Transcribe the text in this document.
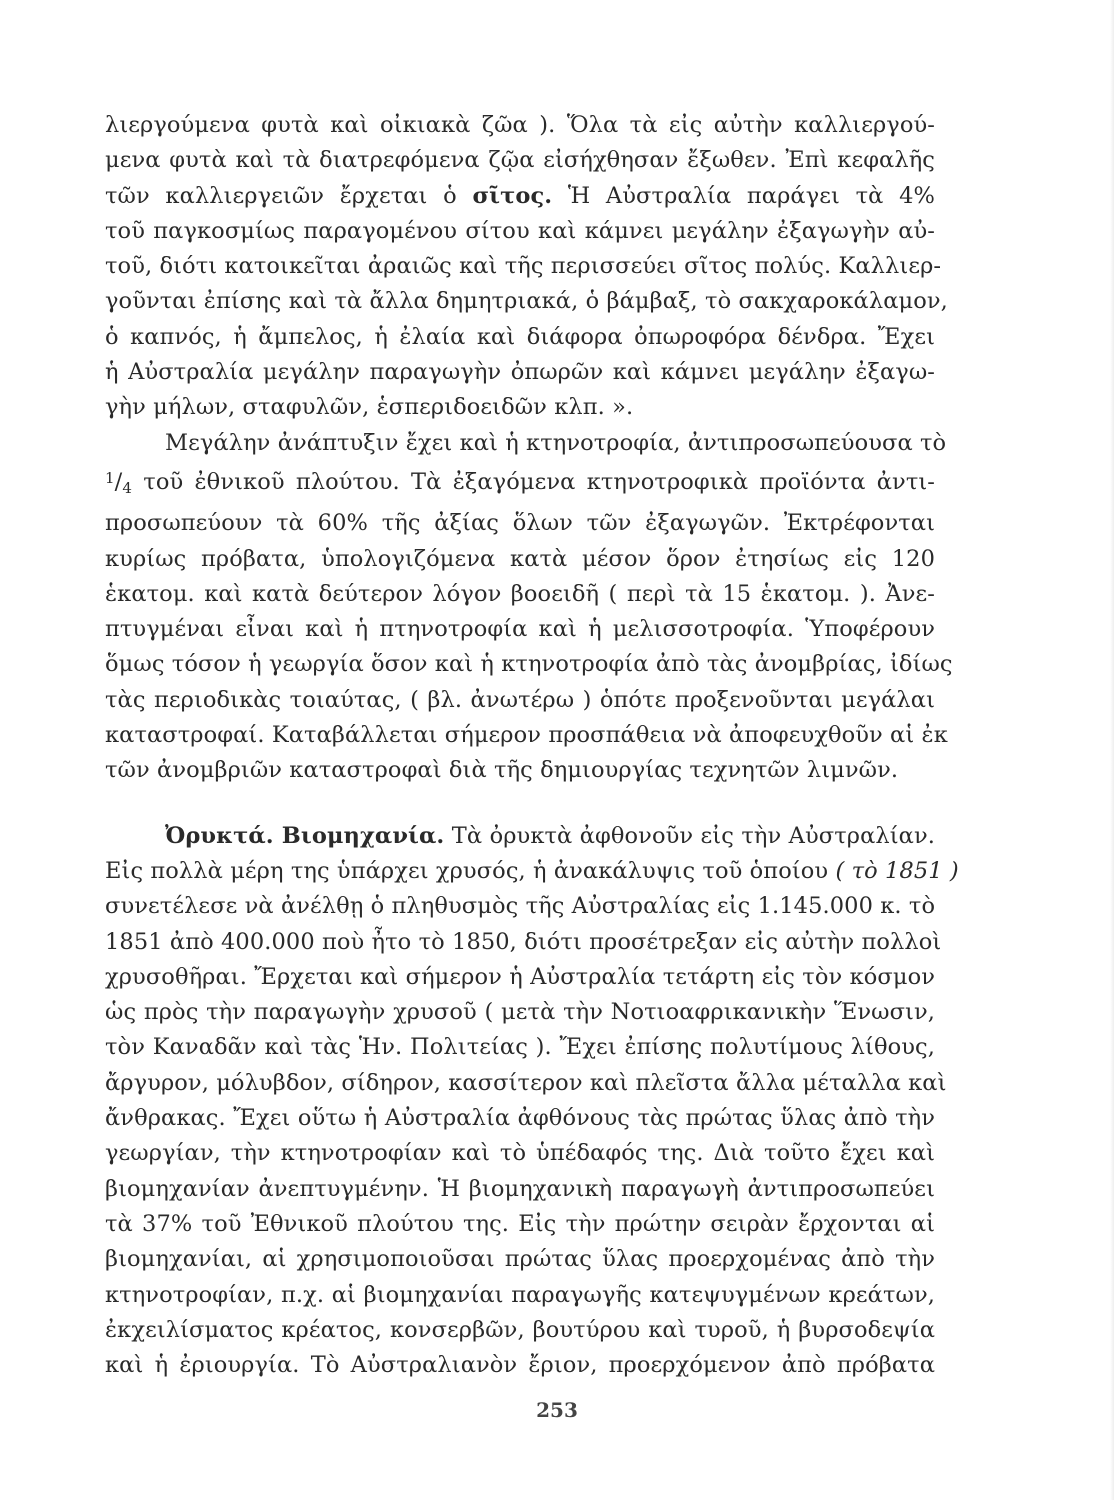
λιεργούμενα φυτὰ καὶ οἰκιακὰ ζῶα ). Ὅλα τὰ εἰς αὐτὴν καλλιεργού-
μενα φυτὰ καὶ τὰ διατρεφόμενα ζῷα εἰσήχθησαν ἔξωθεν. Ἐπὶ κεφαλῆς
τῶν καλλιεργειῶν ἔρχεται ὁ σῖτος. Ἡ Αὐστραλία παράγει τὰ 4%
τοῦ παγκοσμίως παραγομένου σίτου καὶ κάμνει μεγάλην ἐξαγωγὴν αὐ-
τοῦ, διότι κατοικεῖται ἀραιῶς καὶ τῆς περισσεύει σῖτος πολύς. Καλλιερ-
γοῦνται ἐπίσης καὶ τὰ ἄλλα δημητριακά, ὁ βάμβαξ, τὸ σακχαροκάλαμον,
ὁ καπνός, ἡ ἄμπελος, ἡ ἐλαία καὶ διάφορα ὀπωροφόρα δένδρα. Ἔχει
ἡ Αὐστραλία μεγάλην παραγωγὴν ὀπωρῶν καὶ κάμνει μεγάλην ἐξαγω-
γὴν μήλων, σταφυλῶν, ἑσπεριδοειδῶν κλπ. ».
Μεγάλην ἀνάπτυξιν ἔχει καὶ ἡ κτηνοτροφία, ἀντιπροσωπεύουσα τὸ
$^1/_4$ τοῦ ἐθνικοῦ πλούτου. Τὰ ἐξαγόμενα κτηνοτροφικὰ προϊόντα ἀντι-
προσωπεύουν τὰ 60% τῆς ἀξίας ὅλων τῶν ἐξαγωγῶν. Ἐκτρέφονται
κυρίως πρόβατα, ὑπολογιζόμενα κατὰ μέσον ὅρον ἐτησίως εἰς 120
ἑκατομ. καὶ κατὰ δεύτερον λόγον βοοειδῆ ( περὶ τὰ 15 ἑκατομ. ). Ἀνε-
πτυγμέναι εἶναι καὶ ἡ πτηνοτροφία καὶ ἡ μελισσοτροφία. Ὑποφέρουν
ὅμως τόσον ἡ γεωργία ὅσον καὶ ἡ κτηνοτροφία ἀπὸ τὰς ἀνομβρίας, ἰδίως
τὰς περιοδικὰς τοιαύτας, ( βλ. ἀνωτέρω ) ὁπότε προξενοῦνται μεγάλαι
καταστροφαί. Καταβάλλεται σήμερον προσπάθεια νὰ ἀποφευχθοῦν αἱ ἐκ
τῶν ἀνομβριῶν καταστροφαὶ διὰ τῆς δημιουργίας τεχνητῶν λιμνῶν.
Ὀρυκτά. Βιομηχανία. Τὰ ὀρυκτὰ ἀφθονοῦν εἰς τὴν Αὐστραλίαν.
Εἰς πολλὰ μέρη της ὑπάρχει χρυσός, ἡ ἀνακάλυψις τοῦ ὁποίου ( τὸ 1851 )
συνετέλεσε νὰ ἀνέλθῃ ὁ πληθυσμὸς τῆς Αὐστραλίας εἰς 1.145.000 κ. τὸ
1851 ἀπὸ 400.000 ποὺ ἦτο τὸ 1850, διότι προσέτρεξαν εἰς αὐτὴν πολλοὶ
χρυσοθῆραι. Ἔρχεται καὶ σήμερον ἡ Αὐστραλία τετάρτη εἰς τὸν κόσμον
ὡς πρὸς τὴν παραγωγὴν χρυσοῦ ( μετὰ τὴν Νοτιοαφρικανικὴν Ἕνωσιν,
τὸν Καναδᾶν καὶ τὰς Ἡν. Πολιτείας ). Ἔχει ἐπίσης πολυτίμους λίθους,
ἄργυρον, μόλυβδον, σίδηρον, κασσίτερον καὶ πλεῖστα ἄλλα μέταλλα καὶ
ἄνθρακας. Ἔχει οὕτω ἡ Αὐστραλία ἀφθόνους τὰς πρώτας ὕλας ἀπὸ τὴν
γεωργίαν, τὴν κτηνοτροφίαν καὶ τὸ ὑπέδαφός της. Διὰ τοῦτο ἔχει καὶ
βιομηχανίαν ἀνεπτυγμένην. Ἡ βιομηχανικὴ παραγωγὴ ἀντιπροσωπεύει
τὰ 37% τοῦ Ἐθνικοῦ πλούτου της. Εἰς τὴν πρώτην σειρὰν ἔρχονται αἱ
βιομηχανίαι, αἱ χρησιμοποιοῦσαι πρώτας ὕλας προερχομένας ἀπὸ τὴν
κτηνοτροφίαν, π.χ. αἱ βιομηχανίαι παραγωγῆς κατεψυγμένων κρεάτων,
ἐκχειλίσματος κρέατος, κονσερβῶν, βουτύρου καὶ τυροῦ, ἡ βυρσοδεψία
καὶ ἡ ἐριουργία. Τὸ Αὐστραλιανὸν ἔριον, προερχόμενον ἀπὸ πρόβατα
253
